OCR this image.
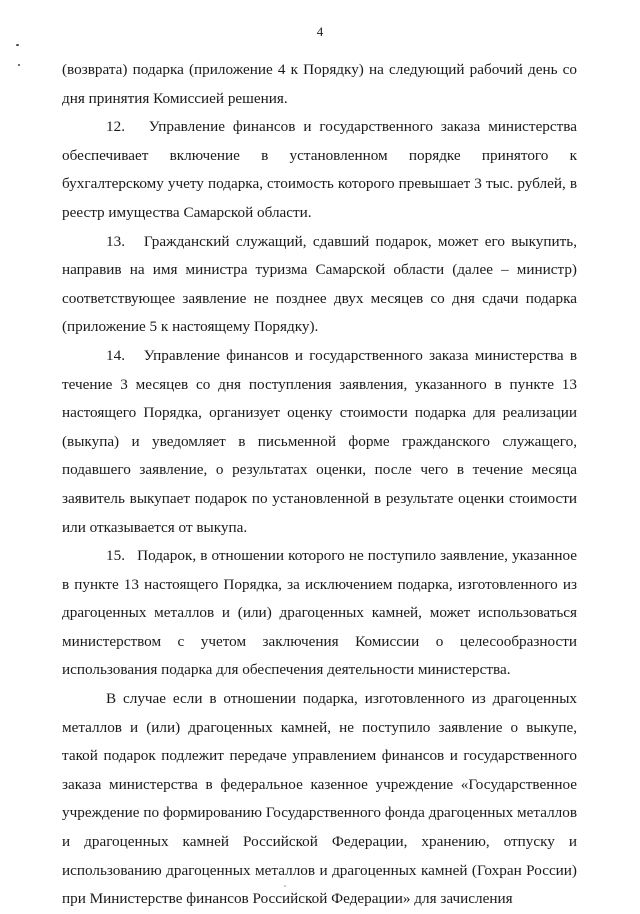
4

(возврата) подарка (приложение 4 к Порядку) на следующий рабочий день со дня принятия Комиссией решения.

12.   Управление финансов и государственного заказа министерства обеспечивает включение в установленном порядке принятого к бухгалтерскому учету подарка, стоимость которого превышает 3 тыс. рублей, в реестр имущества Самарской области.

13.   Гражданский служащий, сдавший подарок, может его выкупить, направив на имя министра туризма Самарской области (далее – министр) соответствующее заявление не позднее двух месяцев со дня сдачи подарка (приложение 5 к настоящему Порядку).

14.   Управление финансов и государственного заказа министерства в течение 3 месяцев со дня поступления заявления, указанного в пункте 13 настоящего Порядка, организует оценку стоимости подарка для реализации (выкупа) и уведомляет в письменной форме гражданского служащего, подавшего заявление, о результатах оценки, после чего в течение месяца заявитель выкупает подарок по установленной в результате оценки стоимости или отказывается от выкупа.

15.   Подарок, в отношении которого не поступило заявление, указанное в пункте 13 настоящего Порядка, за исключением подарка, изготовленного из драгоценных металлов и (или) драгоценных камней, может использоваться министерством с учетом заключения Комиссии о целесообразности использования подарка для обеспечения деятельности министерства.

В случае если в отношении подарка, изготовленного из драгоценных металлов и (или) драгоценных камней, не поступило заявление о выкупе, такой подарок подлежит передаче управлением финансов и государственного заказа министерства в федеральное казенное учреждение «Государственное учреждение по формированию Государственного фонда драгоценных металлов и драгоценных камней Российской Федерации, хранению, отпуску и использованию драгоценных металлов и драгоценных камней (Гохран России) при Министерстве финансов Российской Федерации» для зачисления
